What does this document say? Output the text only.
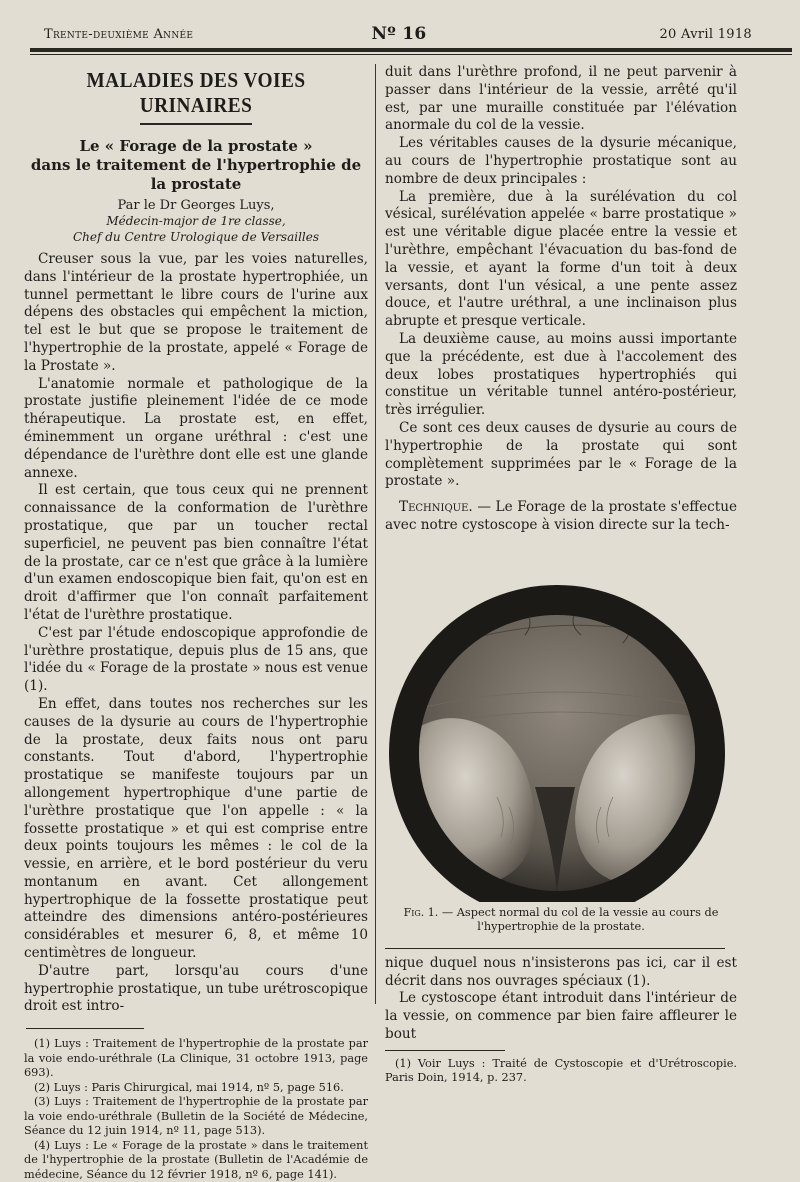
Trente-deuxième Année	Nº 16	20 Avril 1918
MALADIES DES VOIES URINAIRES
Le « Forage de la prostate »
dans le traitement de l'hypertrophie de la prostate
Par le Dr Georges Luys,
Médecin-major de 1re classe,
Chef du Centre Urologique de Versailles

Creuser sous la vue, par les voies naturelles, dans l'intérieur de la prostate hypertrophiée, un tunnel permettant le libre cours de l'urine aux dépens des obstacles qui empêchent la miction, tel est le but que se propose le traitement de l'hypertrophie de la prostate, appelé « Forage de la Prostate ».

L'anatomie normale et pathologique de la prostate justifie pleinement l'idée de ce mode thérapeutique. La prostate est, en effet, éminemment un organe uréthral : c'est une dépendance de l'urèthre dont elle est une glande annexe.

Il est certain, que tous ceux qui ne prennent connaissance de la conformation de l'urèthre prostatique, que par un toucher rectal superficiel, ne peuvent pas bien connaître l'état de la prostate, car ce n'est que grâce à la lumière d'un examen endoscopique bien fait, qu'on est en droit d'affirmer que l'on connaît parfaitement l'état de l'urèthre prostatique.

C'est par l'étude endoscopique approfondie de l'urèthre prostatique, depuis plus de 15 ans, que l'idée du « Forage de la prostate » nous est venue (1).

En effet, dans toutes nos recherches sur les causes de la dysurie au cours de l'hypertrophie de la prostate, deux faits nous ont paru constants. Tout d'abord, l'hypertrophie prostatique se manifeste toujours par un allongement hypertrophique d'une partie de l'urèthre prostatique que l'on appelle : « la fossette prostatique » et qui est comprise entre deux points toujours les mêmes : le col de la vessie, en arrière, et le bord postérieur du veru montanum en avant. Cet allongement hypertrophique de la fossette prostatique peut atteindre des dimensions antéro-postérieures considérables et mesurer 6, 8, et même 10 centimètres de longueur.

D'autre part, lorsqu'au cours d'une hypertrophie prostatique, un tube urétroscopique droit est intro-

(1) Luys : Traitement de l'hypertrophie de la prostate par la voie endo-uréthrale (La Clinique, 31 octobre 1913, page 693).

(2) Luys : Paris Chirurgical, mai 1914, nº 5, page 516.

(3) Luys : Traitement de l'hypertrophie de la prostate par la voie endo-uréthrale (Bulletin de la Société de Médecine, Séance du 12 juin 1914, nº 11, page 513).

(4) Luys : Le « Forage de la prostate » dans le traitement de l'hypertrophie de la prostate (Bulletin de l'Académie de médecine, Séance du 12 février 1918, nº 6, page 141).

duit dans l'urèthre profond, il ne peut parvenir à passer dans l'intérieur de la vessie, arrêté qu'il est, par une muraille constituée par l'élévation anormale du col de la vessie.

Les véritables causes de la dysurie mécanique, au cours de l'hypertrophie prostatique sont au nombre de deux principales :

La première, due à la surélévation du col vésical, surélévation appelée « barre prostatique » est une véritable digue placée entre la vessie et l'urèthre, empêchant l'évacuation du bas-fond de la vessie, et ayant la forme d'un toit à deux versants, dont l'un vésical, a une pente assez douce, et l'autre uréthral, a une inclinaison plus abrupte et presque verticale.

La deuxième cause, au moins aussi importante que la précédente, est due à l'accolement des deux lobes prostatiques hypertrophiés qui constitue un véritable tunnel antéro-postérieur, très irrégulier.

Ce sont ces deux causes de dysurie au cours de l'hypertrophie de la prostate qui sont complètement supprimées par le « Forage de la prostate ».

Technique. — Le Forage de la prostate s'effectue avec notre cystoscope à vision directe sur la tech-

Fig. 1. — Aspect normal du col de la vessie au cours de l'hypertrophie de la prostate.

nique duquel nous n'insisterons pas ici, car il est décrit dans nos ouvrages spéciaux (1).

Le cystoscope étant introduit dans l'intérieur de la vessie, on commence par bien faire affleurer le bout

(1) Voir Luys : Traité de Cystoscopie et d'Urétroscopie. Paris Doin, 1914, p. 237.
